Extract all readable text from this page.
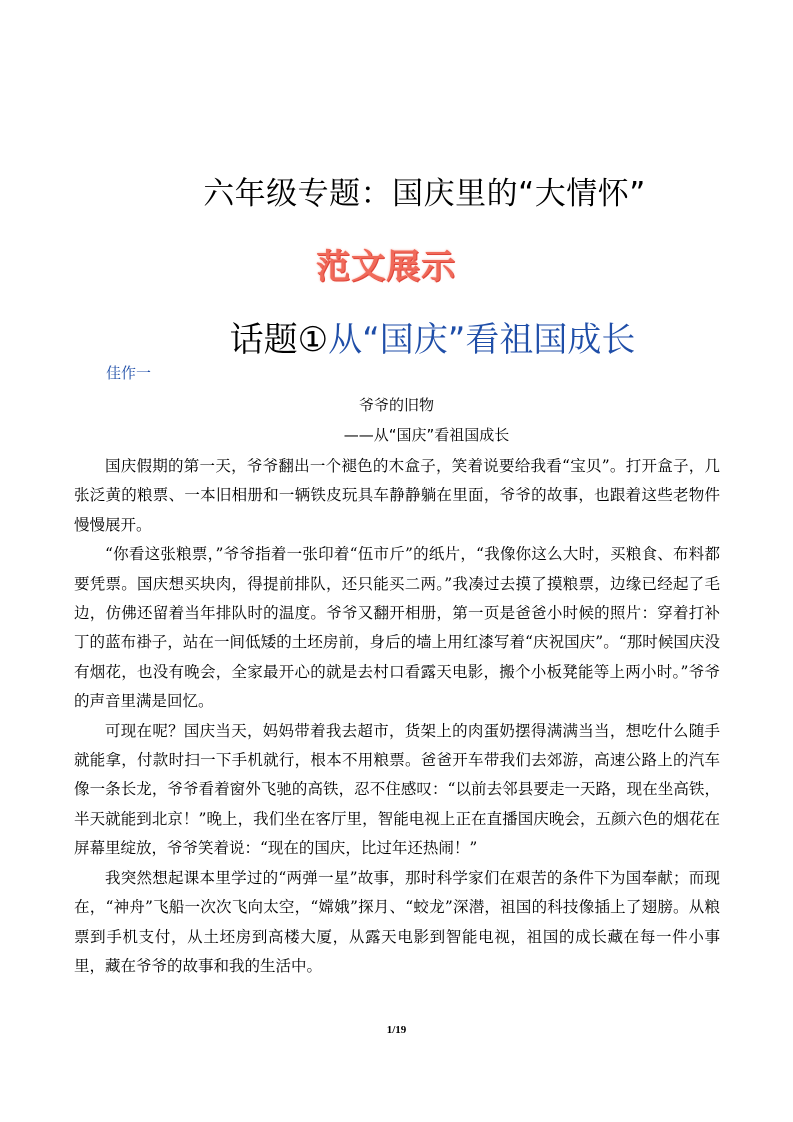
六年级专题：国庆里的“大情怀”
范文展示
话题①从“国庆”看祖国成长
佳作一
爷爷的旧物
——从“国庆”看祖国成长

国庆假期的第一天，爷爷翻出一个褪色的木盒子，笑着说要给我看“宝贝”。打开盒子，几张泛黄的粮票、一本旧相册和一辆铁皮玩具车静静躺在里面，爷爷的故事，也跟着这些老物件慢慢展开。

“你看这张粮票，”爷爷指着一张印着“伍市斤”的纸片，“我像你这么大时，买粮食、布料都要凭票。国庆想买块肉，得提前排队，还只能买二两。”我凑过去摸了摸粮票，边缘已经起了毛边，仿佛还留着当年排队时的温度。爷爷又翻开相册，第一页是爸爸小时候的照片：穿着打补丁的蓝布褂子，站在一间低矮的土坯房前，身后的墙上用红漆写着“庆祝国庆”。“那时候国庆没有烟花，也没有晚会，全家最开心的就是去村口看露天电影，搬个小板凳能等上两小时。”爷爷的声音里满是回忆。

可现在呢？国庆当天，妈妈带着我去超市，货架上的肉蛋奶摆得满满当当，想吃什么随手就能拿，付款时扫一下手机就行，根本不用粮票。爸爸开车带我们去郊游，高速公路上的汽车像一条长龙，爷爷看着窗外飞驰的高铁，忍不住感叹：“以前去邻县要走一天路，现在坐高铁，半天就能到北京！”晚上，我们坐在客厅里，智能电视上正在直播国庆晚会，五颜六色的烟花在屏幕里绽放，爷爷笑着说：“现在的国庆，比过年还热闹！”

我突然想起课本里学过的“两弹一星”故事，那时科学家们在艰苦的条件下为国奉献；而现在，“神舟”飞船一次次飞向太空，“嫦娥”探月、“蛟龙”深潜，祖国的科技像插上了翅膀。从粮票到手机支付，从土坯房到高楼大厦，从露天电影到智能电视，祖国的成长藏在每一件小事里，藏在爷爷的故事和我的生活中。

1/19
